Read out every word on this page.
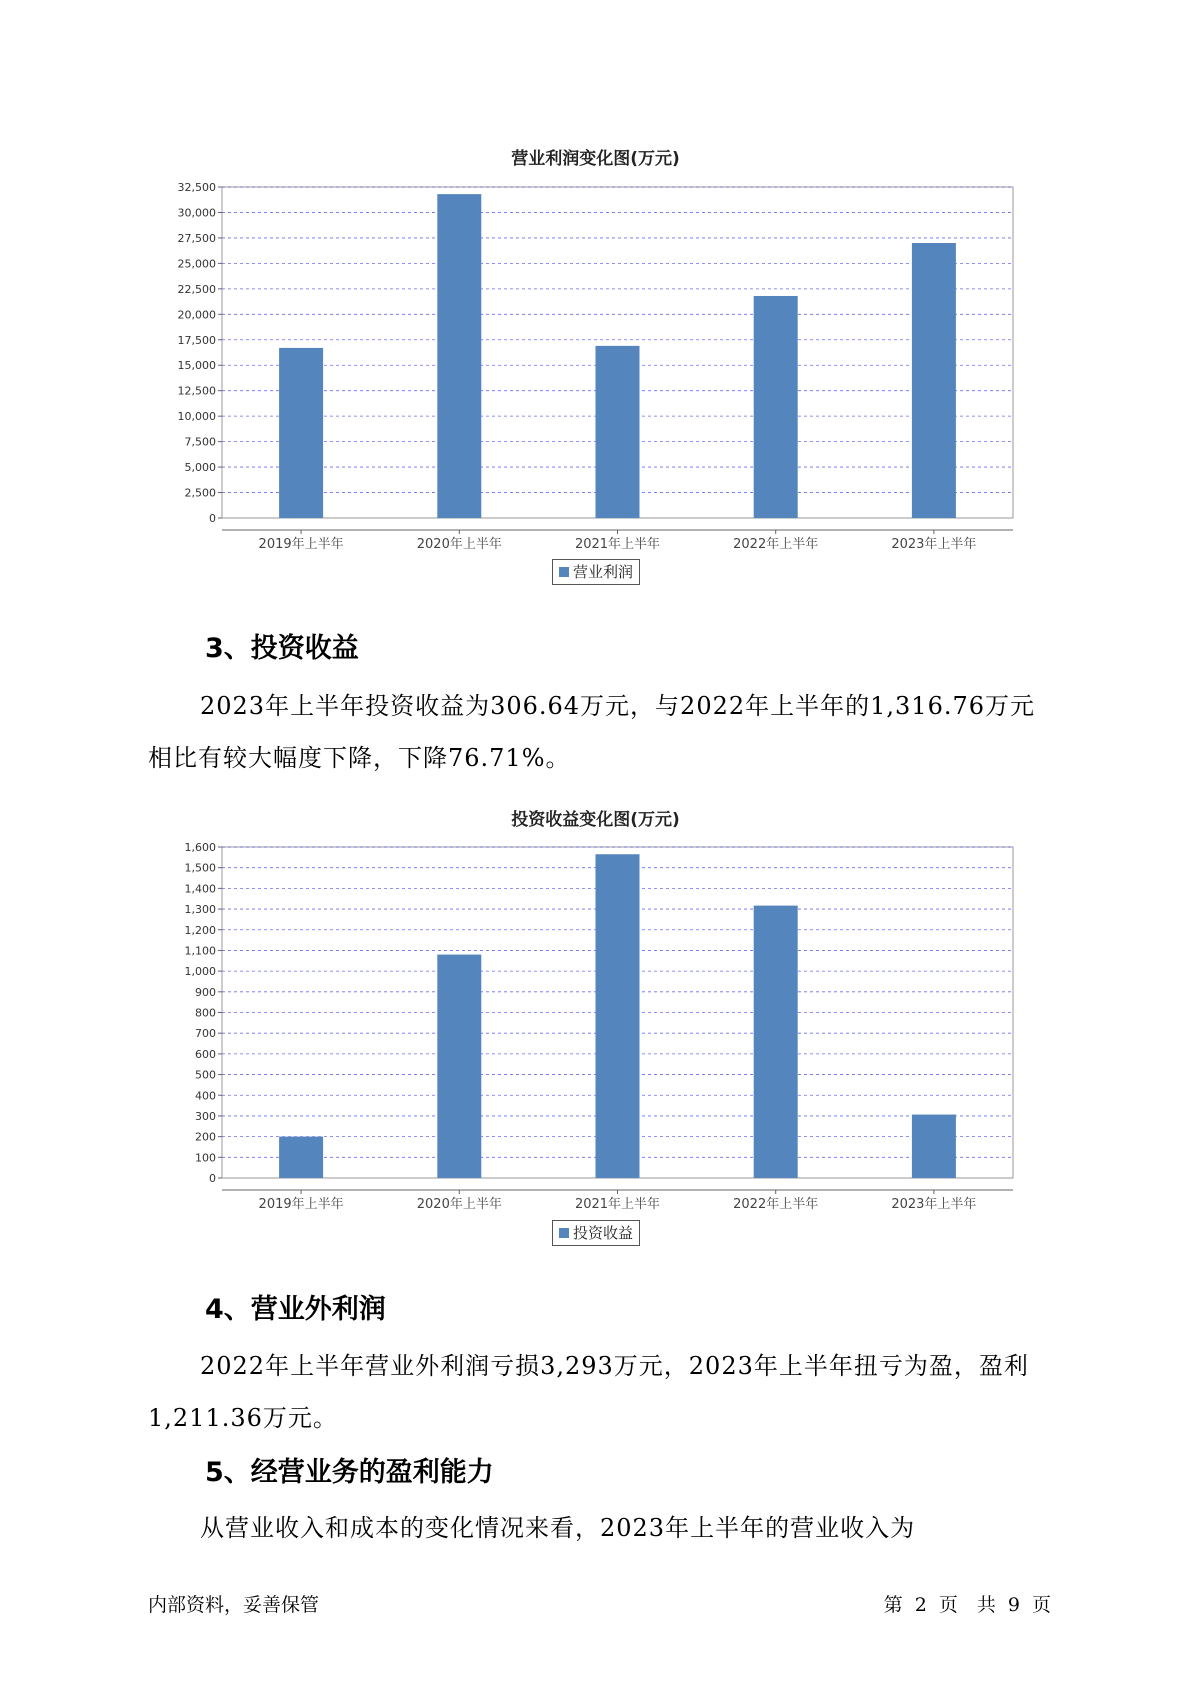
营业利润变化图(万元)
0
2,500
5,000
7,500
10,000
12,500
15,000
17,500
20,000
22,500
25,000
27,500
30,000
32,500
2019年上半年	2020年上半年	2021年上半年	2022年上半年	2023年上半年
营业利润
3、投资收益
2023年上半年投资收益为306.64万元，与2022年上半年的1,316.76万元相比有较大幅度下降，下降76.71%。
投资收益变化图(万元)
0
100
200
300
400
500
600
700
800
900
1,000
1,100
1,200
1,300
1,400
1,500
1,600
2019年上半年	2020年上半年	2021年上半年	2022年上半年	2023年上半年
投资收益
4、营业外利润
2022年上半年营业外利润亏损3,293万元，2023年上半年扭亏为盈，盈利1,211.36万元。
5、经营业务的盈利能力
从营业收入和成本的变化情况来看，2023年上半年的营业收入为
内部资料，妥善保管	第 2 页　共 9 页
